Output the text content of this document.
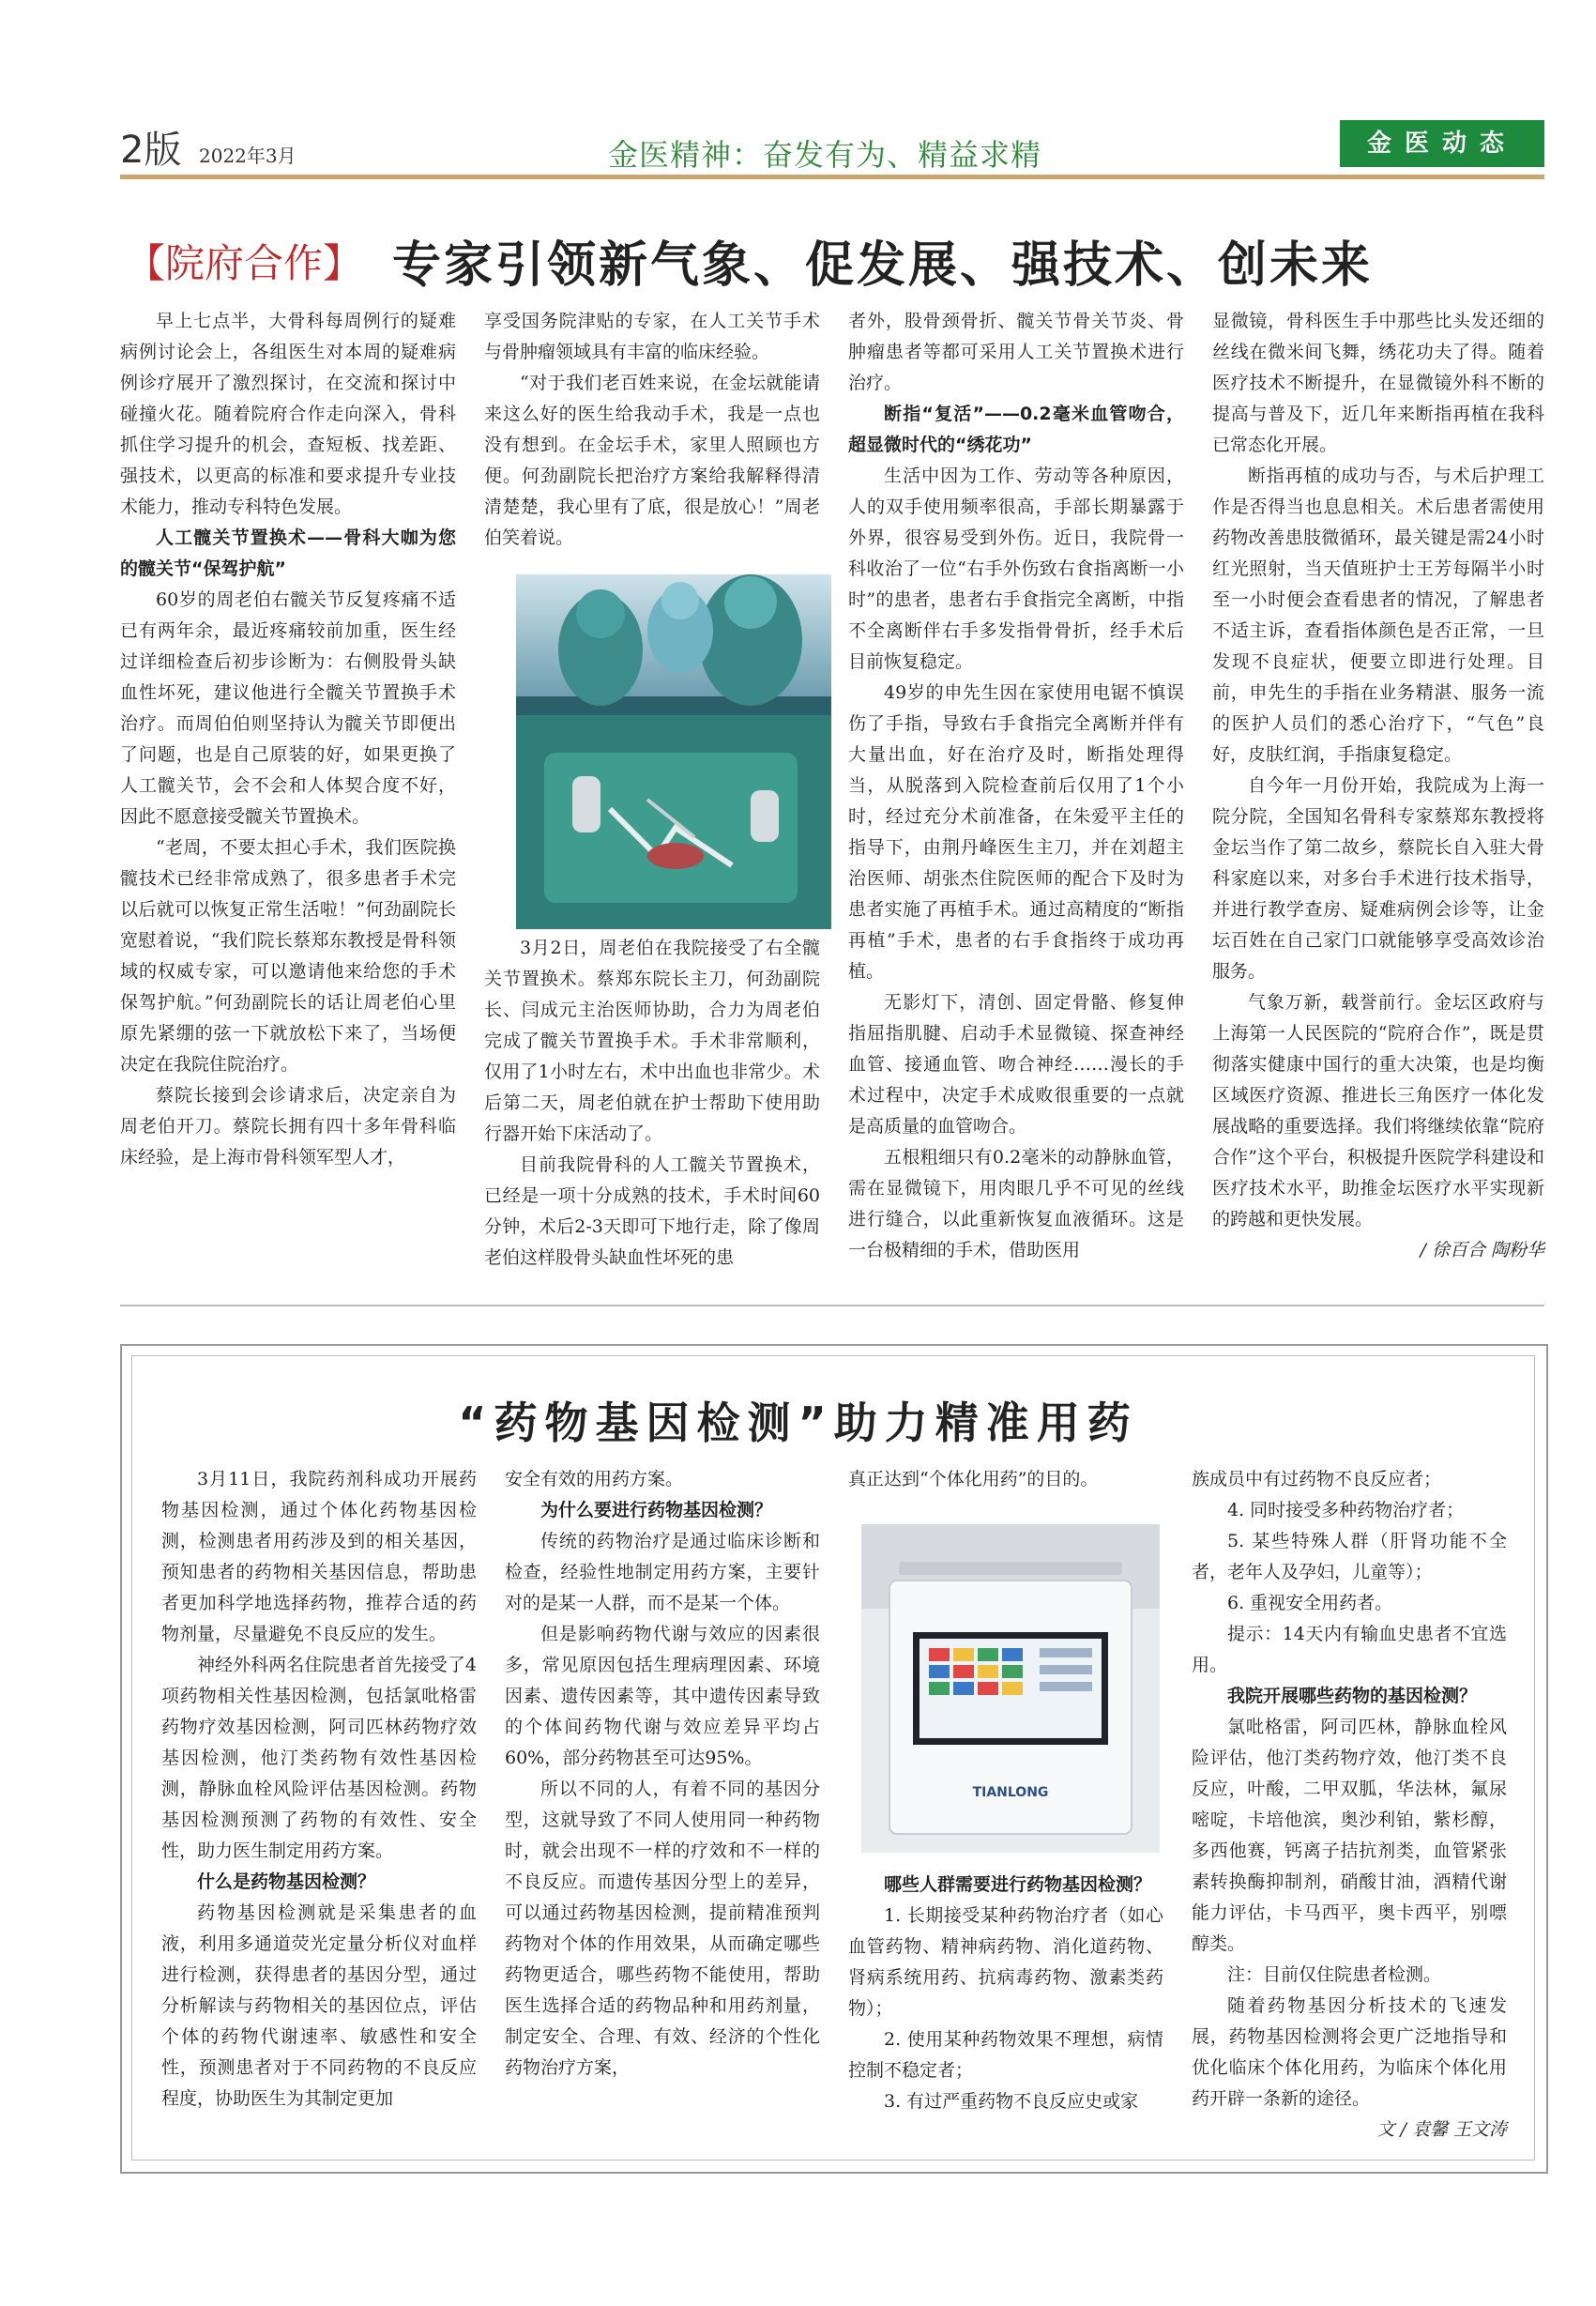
2版 2022年3月	金医精神：奋发有为、精益求精	金医动态
【院府合作】 专家引领新气象、促发展、强技术、创未来

早上七点半，大骨科每周例行的疑难病例讨论会上，各组医生对本周的疑难病例诊疗展开了激烈探讨，在交流和探讨中碰撞火花。随着院府合作走向深入，骨科抓住学习提升的机会，查短板、找差距、强技术，以更高的标准和要求提升专业技术能力，推动专科特色发展。

人工髋关节置换术——骨科大咖为您的髋关节“保驾护航”

60岁的周老伯右髋关节反复疼痛不适已有两年余，最近疼痛较前加重，医生经过详细检查后初步诊断为：右侧股骨头缺血性坏死，建议他进行全髋关节置换手术治疗。而周伯伯则坚持认为髋关节即便出了问题，也是自己原装的好，如果更换了人工髋关节，会不会和人体契合度不好，因此不愿意接受髋关节置换术。

“老周，不要太担心手术，我们医院换髋技术已经非常成熟了，很多患者手术完以后就可以恢复正常生活啦！”何劲副院长宽慰着说，“我们院长蔡郑东教授是骨科领域的权威专家，可以邀请他来给您的手术保驾护航。”何劲副院长的话让周老伯心里原先紧绷的弦一下就放松下来了，当场便决定在我院住院治疗。

蔡院长接到会诊请求后，决定亲自为周老伯开刀。蔡院长拥有四十多年骨科临床经验，是上海市骨科领军型人才，

享受国务院津贴的专家，在人工关节手术与骨肿瘤领域具有丰富的临床经验。

“对于我们老百姓来说，在金坛就能请来这么好的医生给我动手术，我是一点也没有想到。在金坛手术，家里人照顾也方便。何劲副院长把治疗方案给我解释得清清楚楚，我心里有了底，很是放心！”周老伯笑着说。

3月2日，周老伯在我院接受了右全髋关节置换术。蔡郑东院长主刀，何劲副院长、闫成元主治医师协助，合力为周老伯完成了髋关节置换手术。手术非常顺利，仅用了1小时左右，术中出血也非常少。术后第二天，周老伯就在护士帮助下使用助行器开始下床活动了。

目前我院骨科的人工髋关节置换术，已经是一项十分成熟的技术，手术时间60分钟，术后2-3天即可下地行走，除了像周老伯这样股骨头缺血性坏死的患

者外，股骨颈骨折、髋关节骨关节炎、骨肿瘤患者等都可采用人工关节置换术进行治疗。

断指“复活”——0.2毫米血管吻合，超显微时代的“绣花功”

生活中因为工作、劳动等各种原因，人的双手使用频率很高，手部长期暴露于外界，很容易受到外伤。近日，我院骨一科收治了一位“右手外伤致右食指离断一小时”的患者，患者右手食指完全离断，中指不全离断伴右手多发指骨骨折，经手术后目前恢复稳定。

49岁的申先生因在家使用电锯不慎误伤了手指，导致右手食指完全离断并伴有大量出血，好在治疗及时，断指处理得当，从脱落到入院检查前后仅用了1个小时，经过充分术前准备，在朱爱平主任的指导下，由荆丹峰医生主刀，并在刘超主治医师、胡张杰住院医师的配合下及时为患者实施了再植手术。通过高精度的“断指再植”手术，患者的右手食指终于成功再植。

无影灯下，清创、固定骨骼、修复伸指屈指肌腱、启动手术显微镜、探查神经血管、接通血管、吻合神经……漫长的手术过程中，决定手术成败很重要的一点就是高质量的血管吻合。

五根粗细只有0.2毫米的动静脉血管，需在显微镜下，用肉眼几乎不可见的丝线进行缝合，以此重新恢复血液循环。这是一台极精细的手术，借助医用

显微镜，骨科医生手中那些比头发还细的丝线在微米间飞舞，绣花功夫了得。随着医疗技术不断提升，在显微镜外科不断的提高与普及下，近几年来断指再植在我科已常态化开展。

断指再植的成功与否，与术后护理工作是否得当也息息相关。术后患者需使用药物改善患肢微循环，最关键是需24小时红光照射，当天值班护士王芳每隔半小时至一小时便会查看患者的情况，了解患者不适主诉，查看指体颜色是否正常，一旦发现不良症状，便要立即进行处理。目前，申先生的手指在业务精湛、服务一流的医护人员们的悉心治疗下，“气色”良好，皮肤红润，手指康复稳定。

自今年一月份开始，我院成为上海一院分院，全国知名骨科专家蔡郑东教授将金坛当作了第二故乡，蔡院长自入驻大骨科家庭以来，对多台手术进行技术指导，并进行教学查房、疑难病例会诊等，让金坛百姓在自己家门口就能够享受高效诊治服务。

气象万新，载誉前行。金坛区政府与上海第一人民医院的“院府合作”，既是贯彻落实健康中国行的重大决策，也是均衡区域医疗资源、推进长三角医疗一体化发展战略的重要选择。我们将继续依靠“院府合作”这个平台，积极提升医院学科建设和医疗技术水平，助推金坛医疗水平实现新的跨越和更快发展。

/ 徐百合 陶粉华
“药物基因检测”助力精准用药

3月11日，我院药剂科成功开展药物基因检测，通过个体化药物基因检测，检测患者用药涉及到的相关基因，预知患者的药物相关基因信息，帮助患者更加科学地选择药物，推荐合适的药物剂量，尽量避免不良反应的发生。

神经外科两名住院患者首先接受了4项药物相关性基因检测，包括氯吡格雷药物疗效基因检测，阿司匹林药物疗效基因检测，他汀类药物有效性基因检测，静脉血栓风险评估基因检测。药物基因检测预测了药物的有效性、安全性，助力医生制定用药方案。

什么是药物基因检测？

药物基因检测就是采集患者的血液，利用多通道荧光定量分析仪对血样进行检测，获得患者的基因分型，通过分析解读与药物相关的基因位点，评估个体的药物代谢速率、敏感性和安全性，预测患者对于不同药物的不良反应程度，协助医生为其制定更加

安全有效的用药方案。

为什么要进行药物基因检测？

传统的药物治疗是通过临床诊断和检查，经验性地制定用药方案，主要针对的是某一人群，而不是某一个体。

但是影响药物代谢与效应的因素很多，常见原因包括生理病理因素、环境因素、遗传因素等，其中遗传因素导致的个体间药物代谢与效应差异平均占60%，部分药物甚至可达95%。

所以不同的人，有着不同的基因分型，这就导致了不同人使用同一种药物时，就会出现不一样的疗效和不一样的不良反应。而遗传基因分型上的差异，可以通过药物基因检测，提前精准预判药物对个体的作用效果，从而确定哪些药物更适合，哪些药物不能使用，帮助医生选择合适的药物品种和用药剂量，制定安全、合理、有效、经济的个性化药物治疗方案，

真正达到“个体化用药”的目的。

TIANLONG
哪些人群需要进行药物基因检测？

1. 长期接受某种药物治疗者（如心血管药物、精神病药物、消化道药物、肾病系统用药、抗病毒药物、激素类药物）；

2. 使用某种药物效果不理想，病情控制不稳定者；

3. 有过严重药物不良反应史或家

族成员中有过药物不良反应者；

4. 同时接受多种药物治疗者；

5. 某些特殊人群（肝肾功能不全者，老年人及孕妇，儿童等）；

6. 重视安全用药者。

提示：14天内有输血史患者不宜选用。

我院开展哪些药物的基因检测？

氯吡格雷，阿司匹林，静脉血栓风险评估，他汀类药物疗效，他汀类不良反应，叶酸，二甲双胍，华法林，氟尿嘧啶，卡培他滨，奥沙利铂，紫杉醇，多西他赛，钙离子拮抗剂类，血管紧张素转换酶抑制剂，硝酸甘油，酒精代谢能力评估，卡马西平，奥卡西平，别嘌醇类。

注：目前仅住院患者检测。

随着药物基因分析技术的飞速发展，药物基因检测将会更广泛地指导和优化临床个体化用药，为临床个体化用药开辟一条新的途径。

文 / 袁馨 王文涛
